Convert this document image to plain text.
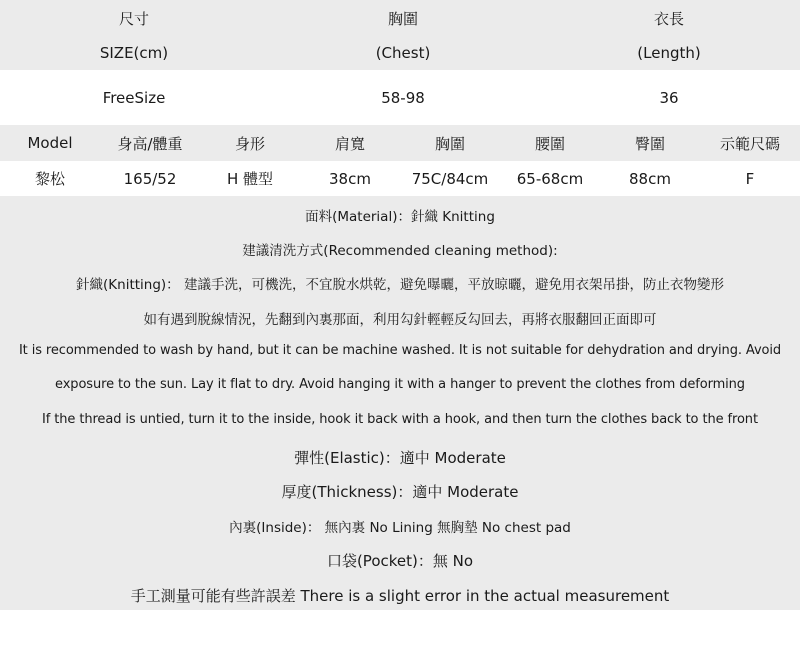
尺寸	胸圍	衣長
SIZE(cm)	(Chest)	(Length)
FreeSize	58-98	36
Model	身高/體重	身形	肩寬	胸圍	腰圍	臀圍	示範尺碼
黎松	165/52	H 體型	38cm	75C/84cm	65-68cm	88cm	F
面料(Material)：針織 Knitting
建議清洗方式(Recommended cleaning method):
針織(Knitting)： 建議手洗，可機洗，不宜脫水烘乾，避免曝曬，平放晾曬，避免用衣架吊掛，防止衣物變形
如有遇到脫線情況，先翻到內裏那面，利用勾針輕輕反勾回去，再將衣服翻回正面即可
It is recommended to wash by hand, but it can be machine washed. It is not suitable for dehydration and drying. Avoid
exposure to the sun. Lay it flat to dry. Avoid hanging it with a hanger to prevent the clothes from deforming
If the thread is untied, turn it to the inside, hook it back with a hook, and then turn the clothes back to the front
彈性(Elastic)：適中 Moderate
厚度(Thickness)：適中 Moderate
內裏(Inside)： 無內裏 No Lining 無胸墊 No chest pad
口袋(Pocket)：無 No
手工測量可能有些許誤差 There is a slight error in the actual measurement
